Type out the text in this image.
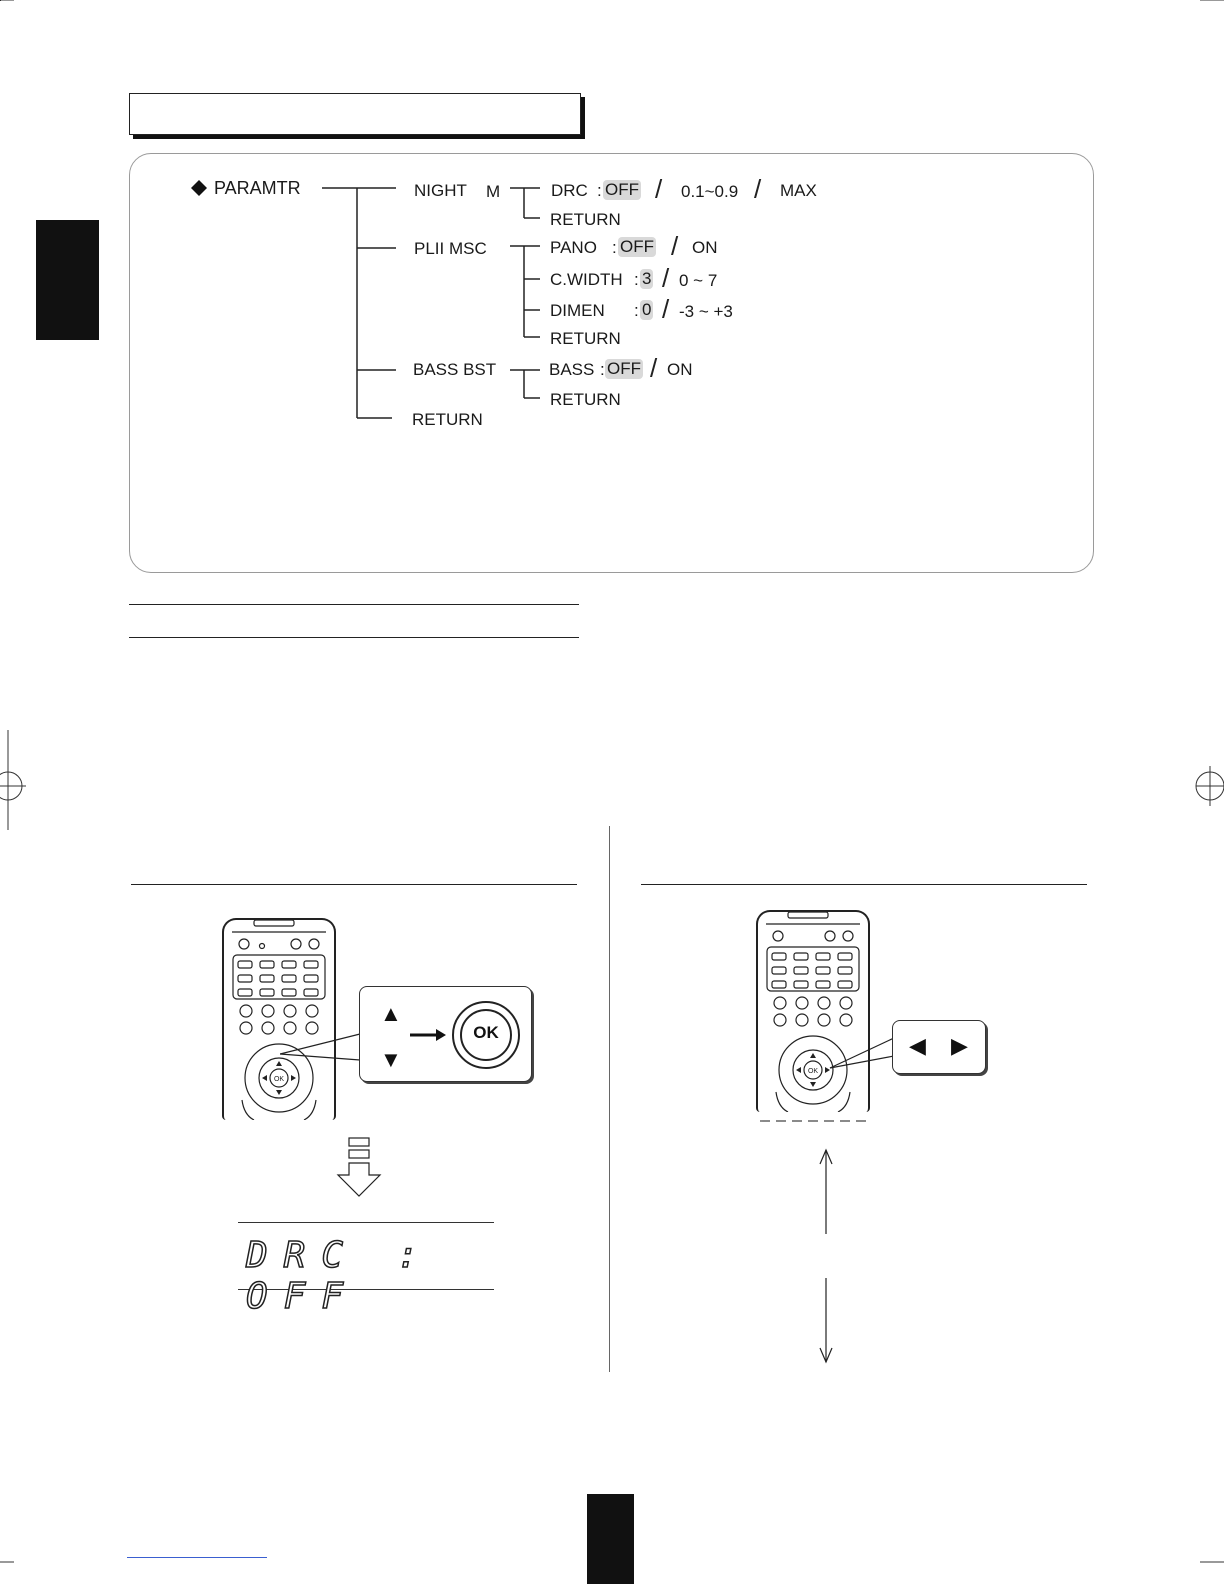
PARAMTR	NIGHT M	DRC : OFF / 0.1~0.9 / MAX
RETURN
PLII MSC	PANO : OFF / ON
C.WIDTH : 3 / 0 ~ 7
DIMEN : 0 / -3 ~ +3
RETURN
BASS BST	BASS : OFF / ON
RETURN
RETURN
OK
▲
▼
OK
DRC : OFF
OK
◀ ▶
